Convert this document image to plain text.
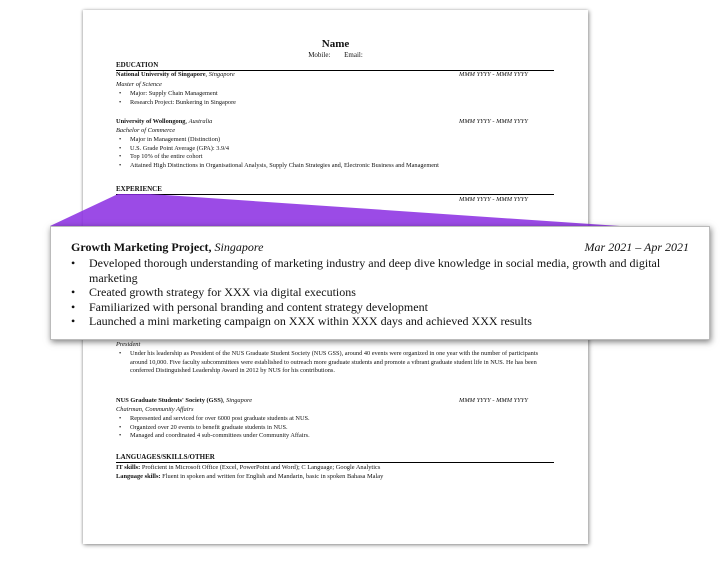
Name
Mobile: Email:
EDUCATION
National University of Singapore, Singapore	MMM YYYY - MMM YYYY
Master of Science
• Major: Supply Chain Management
• Research Project: Bunkering in Singapore
University of Wollongong, Australia	MMM YYYY - MMM YYYY
Bachelor of Commerce
• Major in Management (Distinction)
• U.S. Grade Point Average (GPA): 3.9/4
• Top 10% of the entire cohort
• Attained High Distinctions in Organisational Analysis, Supply Chain Strategies and, Electronic Business and Management
EXPERIENCE
MMM YYYY - MMM YYYY
President
• Under his leadership as President of the NUS Graduate Student Society (NUS GSS), around 40 events were organized in one year with the number of participants around 10,000. Five faculty subcommittees were established to outreach more graduate students and promote a vibrant graduate student life in NUS. He has been conferred Distinguished Leadership Award in 2012 by NUS for his contributions.
NUS Graduate Students' Society (GSS), Singapore	MMM YYYY - MMM YYYY
Chairman, Community Affairs
• Represented and serviced for over 6000 post graduate students at NUS.
• Organized over 20 events to benefit graduate students in NUS.
• Managed and coordinated 4 sub-committees under Community Affairs.
LANGUAGES/SKILLS/OTHER
IT skills: Proficient in Microsoft Office (Excel, PowerPoint and Word); C Language; Google Analytics
Language skills: Fluent in spoken and written for English and Mandarin, basic in spoken Bahasa Malay
Growth Marketing Project, Singapore	Mar 2021 – Apr 2021
• Developed thorough understanding of marketing industry and deep dive knowledge in social media, growth and digital marketing
• Created growth strategy for XXX via digital executions
• Familiarized with personal branding and content strategy development
• Launched a mini marketing campaign on XXX within XXX days and achieved XXX results
